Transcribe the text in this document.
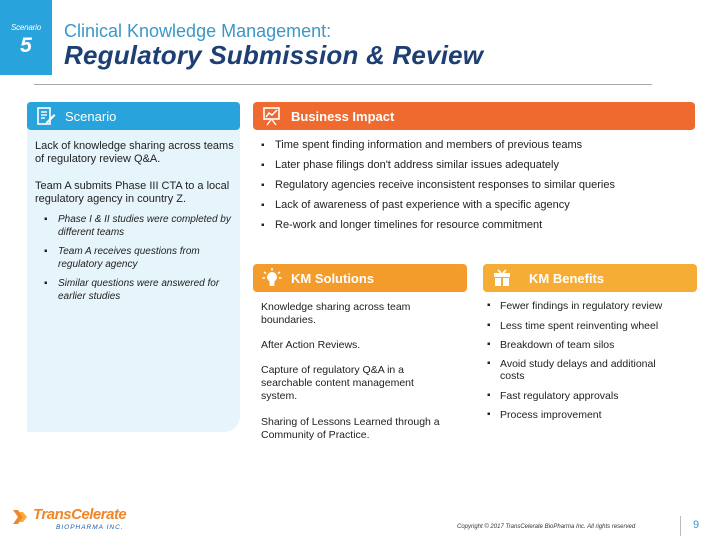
Scenario
5
Clinical Knowledge Management:
Regulatory Submission & Review
Scenario
Lack of knowledge sharing across teams of regulatory review Q&A.
Team A submits Phase III CTA to a local regulatory agency in country Z.
▪ Phase I & II studies were completed by different teams
▪ Team A receives questions from regulatory agency
▪ Similar questions were answered for earlier studies
Business Impact
▪ Time spent finding information and members of previous teams
▪ Later phase filings don't address similar issues adequately
▪ Regulatory agencies receive inconsistent responses to similar queries
▪ Lack of awareness of past experience with a specific agency
▪ Re-work and longer timelines for resource commitment
KM Solutions
Knowledge sharing across team boundaries.
After Action Reviews.
Capture of regulatory Q&A in a searchable content management system.
Sharing of Lessons Learned through a Community of Practice.
KM Benefits
▪ Fewer findings in regulatory review
▪ Less time spent reinventing wheel
▪ Breakdown of team silos
▪ Avoid study delays and additional costs
▪ Fast regulatory approvals
▪ Process improvement
TransCelerate
BIOPHARMA INC.	Copyright © 2017 TransCelerate BioPharma Inc. All rights reserved	9
